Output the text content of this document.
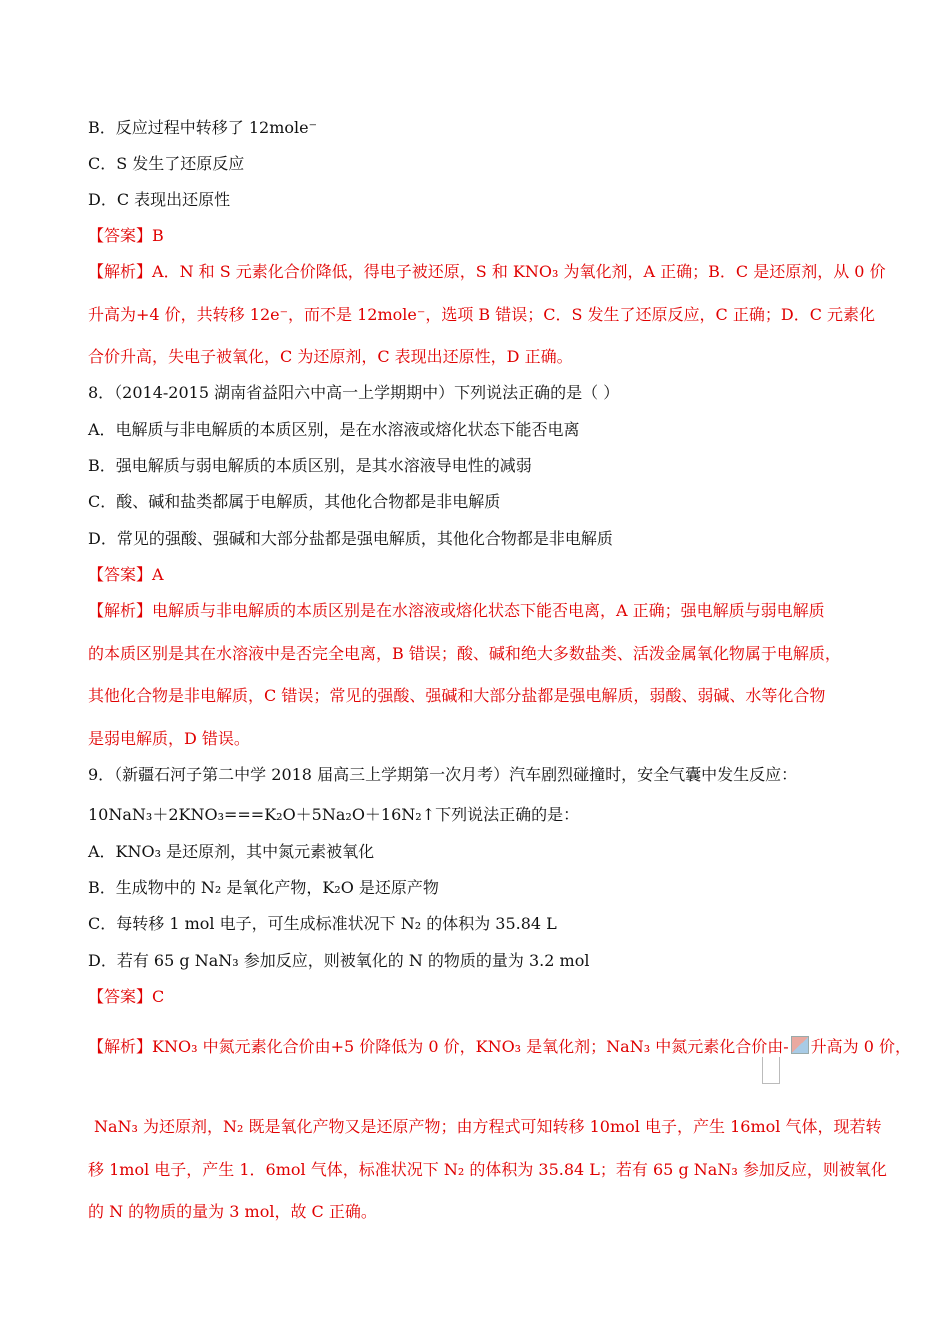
B．反应过程中转移了 12mole⁻
C．S 发生了还原反应
D．C 表现出还原性
【答案】B
【解析】A．N 和 S 元素化合价降低，得电子被还原，S 和 KNO₃ 为氧化剂，A 正确；B．C 是还原剂，从 0 价
升高为+4 价，共转移 12e⁻，而不是 12mole⁻，选项 B 错误；C．S 发生了还原反应，C 正确；D．C 元素化
合价升高，失电子被氧化，C 为还原剂，C 表现出还原性，D 正确。
8．（2014-2015 湖南省益阳六中高一上学期期中）下列说法正确的是（ ）
A．电解质与非电解质的本质区别，是在水溶液或熔化状态下能否电离
B．强电解质与弱电解质的本质区别，是其水溶液导电性的减弱
C．酸、碱和盐类都属于电解质，其他化合物都是非电解质
D．常见的强酸、强碱和大部分盐都是强电解质，其他化合物都是非电解质
【答案】A
【解析】电解质与非电解质的本质区别是在水溶液或熔化状态下能否电离，A 正确；强电解质与弱电解质
的本质区别是其在水溶液中是否完全电离，B 错误；酸、碱和绝大多数盐类、活泼金属氧化物属于电解质，
其他化合物是非电解质，C 错误；常见的强酸、强碱和大部分盐都是强电解质，弱酸、弱碱、水等化合物
是弱电解质，D 错误。
9．（新疆石河子第二中学 2018 届高三上学期第一次月考）汽车剧烈碰撞时，安全气囊中发生反应：
10NaN₃＋2KNO₃===K₂O＋5Na₂O＋16N₂↑下列说法正确的是：
A．KNO₃ 是还原剂，其中氮元素被氧化
B．生成物中的 N₂ 是氧化产物，K₂O 是还原产物
C．每转移 1 mol 电子，可生成标准状况下 N₂ 的体积为 35.84 L
D．若有 65 g NaN₃ 参加反应，则被氧化的 N 的物质的量为 3.2 mol
【答案】C
【解析】KNO₃ 中氮元素化合价由+5 价降低为 0 价，KNO₃ 是氧化剂；NaN₃ 中氮元素化合价由- 升高为 0 价，
NaN₃ 为还原剂，N₂ 既是氧化产物又是还原产物；由方程式可知转移 10mol 电子，产生 16mol 气体，现若转
移 1mol 电子，产生 1．6mol 气体，标准状况下 N₂ 的体积为 35.84 L；若有 65 g NaN₃ 参加反应，则被氧化
的 N 的物质的量为 3 mol，故 C 正确。
